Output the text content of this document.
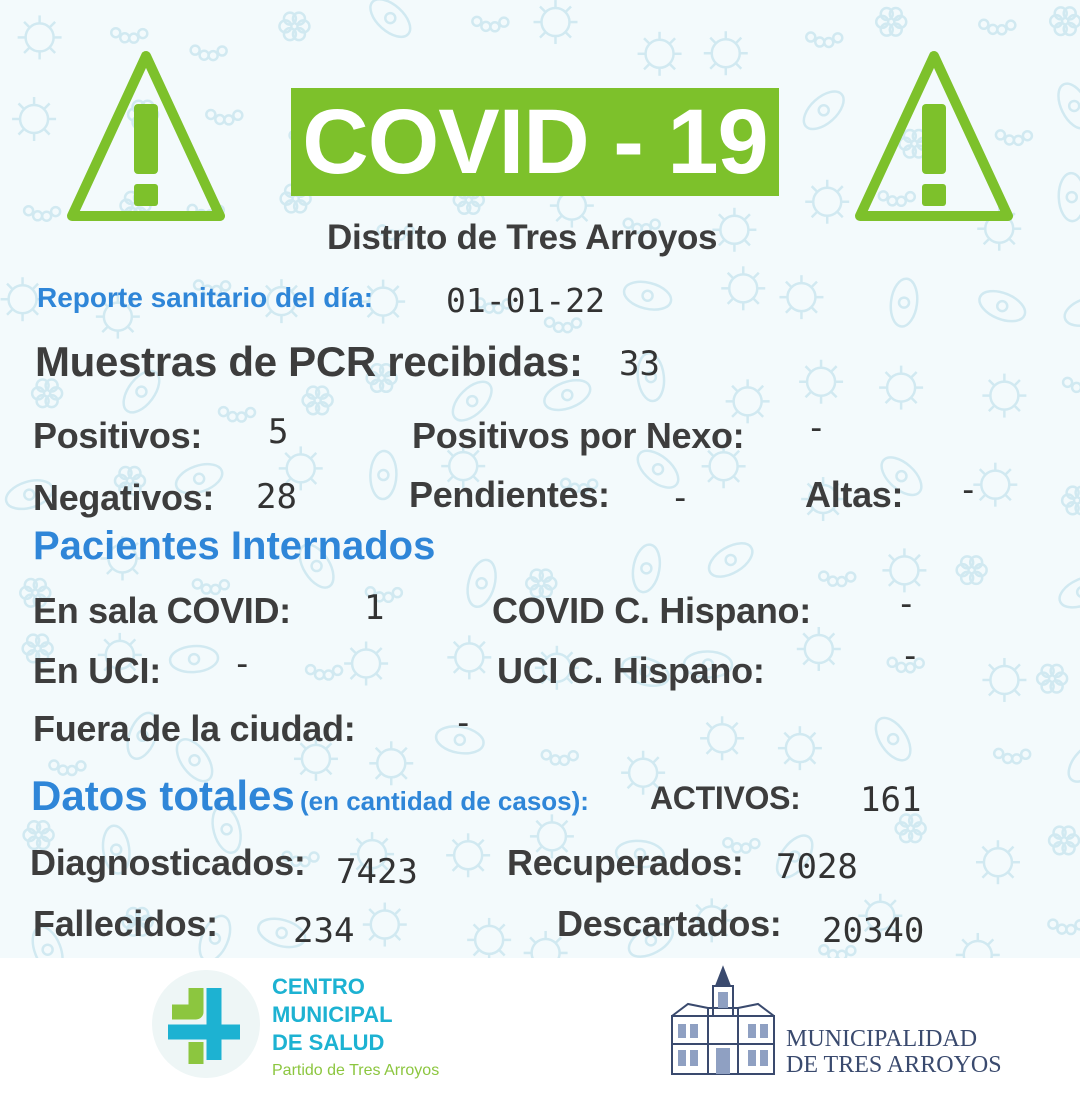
COVID - 19
Distrito de Tres Arroyos
Reporte sanitario del día: 01-01-22
Muestras de PCR recibidas: 33
Positivos: 5	Positivos por Nexo: -
Negativos: 28	Pendientes: -	Altas: -
Pacientes Internados
En sala COVID: 1	COVID C. Hispano:	-
En UCI: -	UCI C. Hispano:	-
Fuera de la ciudad:	-
Datos totales (en cantidad de casos): ACTIVOS: 161
Diagnosticados: 7423 Recuperados: 7028
Fallecidos: 234	Descartados: 20340
CENTRO
MUNICIPAL
DE SALUD
Partido de Tres Arroyos
MUNICIPALIDAD
DE TRES ARROYOS
